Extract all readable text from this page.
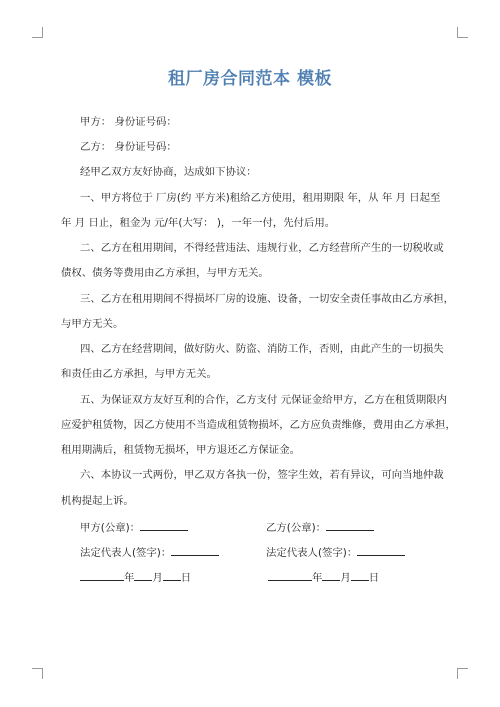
租厂房合同范本 模板
甲方： 身份证号码：
乙方： 身份证号码：
经甲乙双方友好协商，达成如下协议：
一、甲方将位于 厂房(约 平方米)租给乙方使用，租用期限 年，从 年 月 日起至
年 月 日止，租金为 元/年(大写： )，一年一付，先付后用。
二、乙方在租用期间，不得经营违法、违规行业，乙方经营所产生的一切税收或
债权、债务等费用由乙方承担，与甲方无关。
三、乙方在租用期间不得损坏厂房的设施、设备，一切安全责任事故由乙方承担，
与甲方无关。
四、乙方在经营期间，做好防火、防盗、消防工作，否则，由此产生的一切损失
和责任由乙方承担，与甲方无关。
五、为保证双方友好互利的合作，乙方支付 元保证金给甲方，乙方在租赁期限内
应爱护租赁物，因乙方使用不当造成租赁物损坏，乙方应负责维修，费用由乙方承担，
租用期满后，租赁物无损坏，甲方退还乙方保证金。
六、本协议一式两份，甲乙双方各执一份，签字生效，若有异议，可向当地仲裁
机构提起上诉。
甲方(公章)：	乙方(公章)：
法定代表人(签字)：	法定代表人(签字)：
年 月 日	年 月 日
